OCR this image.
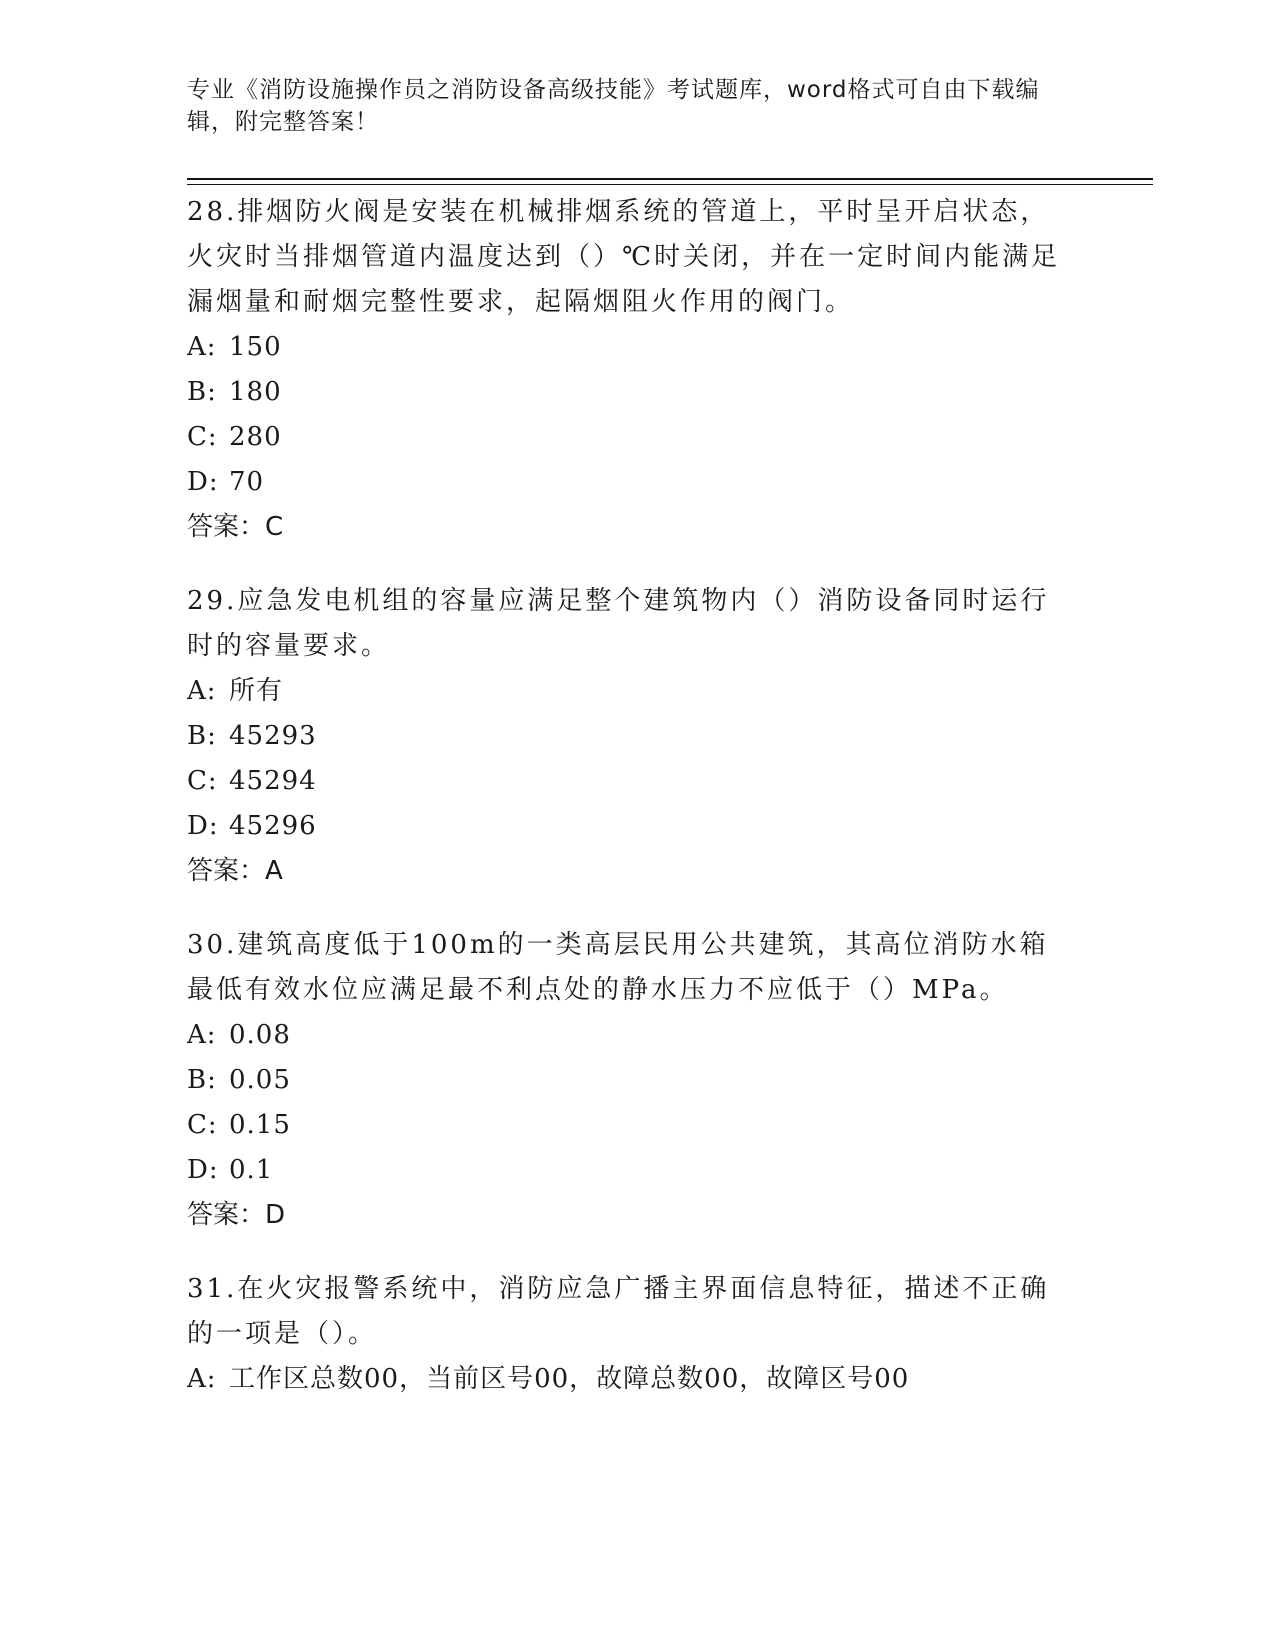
专业《消防设施操作员之消防设备高级技能》考试题库，word格式可自由下载编辑，附完整答案！

28.排烟防火阀是安装在机械排烟系统的管道上，平时呈开启状态，火灾时当排烟管道内温度达到（）℃时关闭，并在一定时间内能满足漏烟量和耐烟完整性要求，起隔烟阻火作用的阀门。

A: 150
B: 180
C: 280
D: 70
答案：C

29.应急发电机组的容量应满足整个建筑物内（）消防设备同时运行时的容量要求。

A: 所有
B: 45293
C: 45294
D: 45296
答案：A

30.建筑高度低于100m的一类高层民用公共建筑，其高位消防水箱最低有效水位应满足最不利点处的静水压力不应低于（）MPa。

A: 0.08
B: 0.05
C: 0.15
D: 0.1
答案：D

31.在火灾报警系统中，消防应急广播主界面信息特征，描述不正确的一项是（）。

A: 工作区总数00，当前区号00，故障总数00，故障区号00
